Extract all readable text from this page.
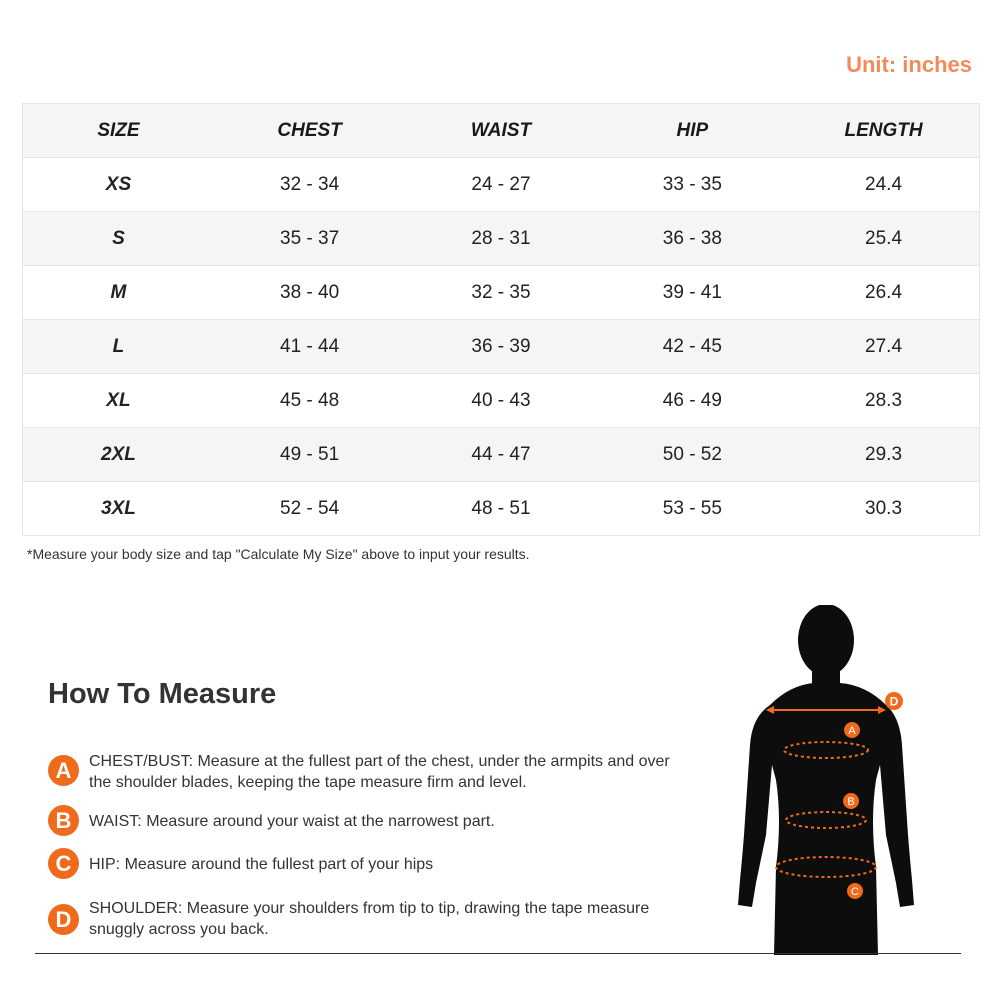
Unit: inches
SIZE	CHEST	WAIST	HIP	LENGTH
XS	32 - 34	24 - 27	33 - 35	24.4
S	35 - 37	28 - 31	36 - 38	25.4
M	38 - 40	32 - 35	39 - 41	26.4
L	41 - 44	36 - 39	42 - 45	27.4
XL	45 - 48	40 - 43	46 - 49	28.3
2XL	49 - 51	44 - 47	50 - 52	29.3
3XL	52 - 54	48 - 51	53 - 55	30.3
*Measure your body size and tap "Calculate My Size" above to input your results.
How To Measure
A	CHEST/BUST: Measure at the fullest part of the chest, under the armpits and over the shoulder blades, keeping the tape measure firm and level.
B	WAIST: Measure around your waist at the narrowest part.
C	HIP: Measure around the fullest part of your hips
D	SHOULDER: Measure your shoulders from tip to tip, drawing the tape measure snuggly across you back.
D
A
B
C
